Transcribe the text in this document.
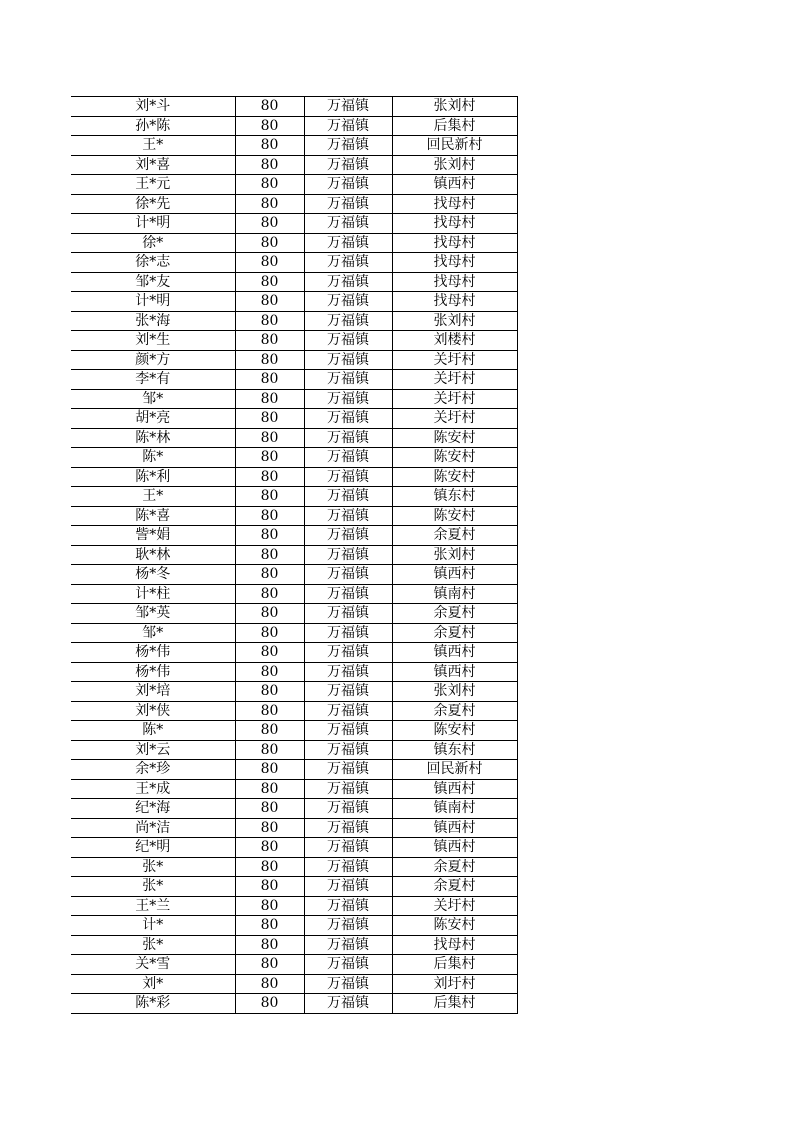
刘*斗	80	万福镇	张刘村
孙*陈	80	万福镇	后集村
王*	80	万福镇	回民新村
刘*喜	80	万福镇	张刘村
王*元	80	万福镇	镇西村
徐*先	80	万福镇	找母村
计*明	80	万福镇	找母村
徐*	80	万福镇	找母村
徐*志	80	万福镇	找母村
邹*友	80	万福镇	找母村
计*明	80	万福镇	找母村
张*海	80	万福镇	张刘村
刘*生	80	万福镇	刘楼村
颜*方	80	万福镇	关圩村
李*有	80	万福镇	关圩村
邹*	80	万福镇	关圩村
胡*亮	80	万福镇	关圩村
陈*林	80	万福镇	陈安村
陈*	80	万福镇	陈安村
陈*利	80	万福镇	陈安村
王*	80	万福镇	镇东村
陈*喜	80	万福镇	陈安村
訾*娟	80	万福镇	余夏村
耿*林	80	万福镇	张刘村
杨*冬	80	万福镇	镇西村
计*柱	80	万福镇	镇南村
邹*英	80	万福镇	余夏村
邹*	80	万福镇	余夏村
杨*伟	80	万福镇	镇西村
杨*伟	80	万福镇	镇西村
刘*培	80	万福镇	张刘村
刘*侠	80	万福镇	余夏村
陈*	80	万福镇	陈安村
刘*云	80	万福镇	镇东村
余*珍	80	万福镇	回民新村
王*成	80	万福镇	镇西村
纪*海	80	万福镇	镇南村
尚*洁	80	万福镇	镇西村
纪*明	80	万福镇	镇西村
张*	80	万福镇	余夏村
张*	80	万福镇	余夏村
王*兰	80	万福镇	关圩村
计*	80	万福镇	陈安村
张*	80	万福镇	找母村
关*雪	80	万福镇	后集村
刘*	80	万福镇	刘圩村
陈*彩	80	万福镇	后集村
